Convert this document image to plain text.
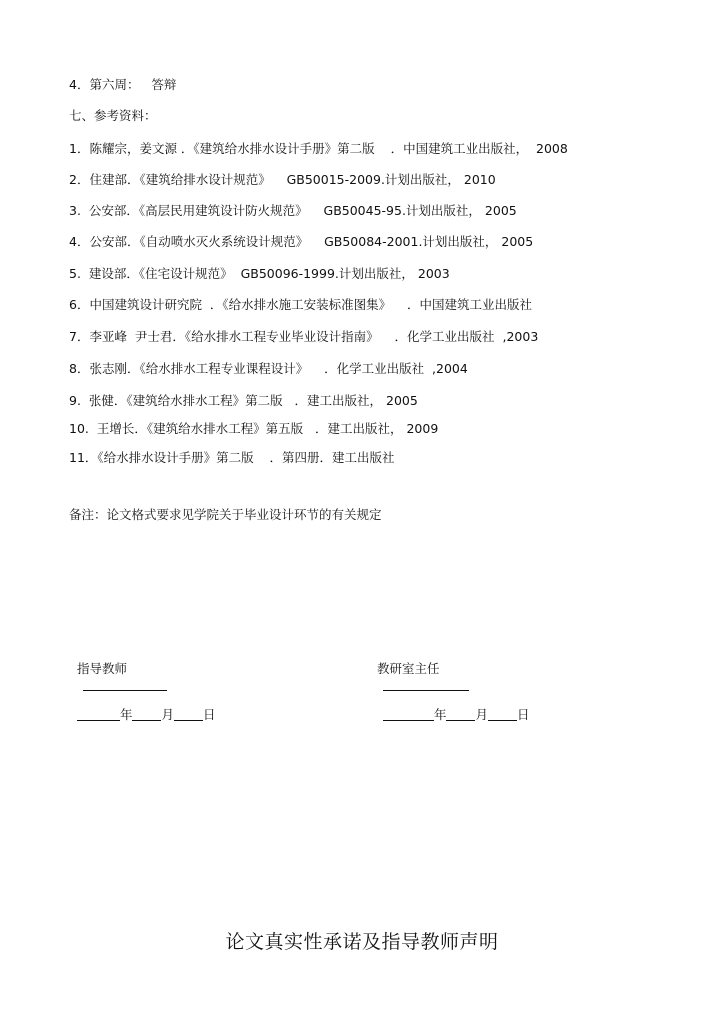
4．第六周：   答辩
七、参考资料：
1．陈耀宗，姜文源 ．《建筑给水排水设计手册》第二版    ．中国建筑工业出版社，  2008
2．住建部．《建筑给排水设计规范》    GB50015-2009.计划出版社， 2010
3.  公安部．《高层民用建筑设计防火规范》    GB50045-95.计划出版社， 2005
4．公安部．《自动喷水灭火系统设计规范》    GB50084-2001.计划出版社， 2005
5.  建设部．《住宅设计规范》  GB50096-1999.计划出版社， 2003
6．中国建筑设计研究院  ．《给水排水施工安装标准图集》    ．中国建筑工业出版社
7．李亚峰  尹士君．《给水排水工程专业毕业设计指南》    ．化学工业出版社  ,2003
8．张志刚．《给水排水工程专业课程设计》    ．化学工业出版社  ,2004
9.  张健．《建筑给水排水工程》第二版   ．建工出版社， 2005
10.  王增长．《建筑给水排水工程》第五版   ．建工出版社， 2009
11．《给水排水设计手册》第二版    ．第四册．建工出版社
备注：论文格式要求见学院关于毕业设计环节的有关规定

指导教师
	教研室主任

年 月 日	年 月 日

论文真实性承诺及指导教师声明
